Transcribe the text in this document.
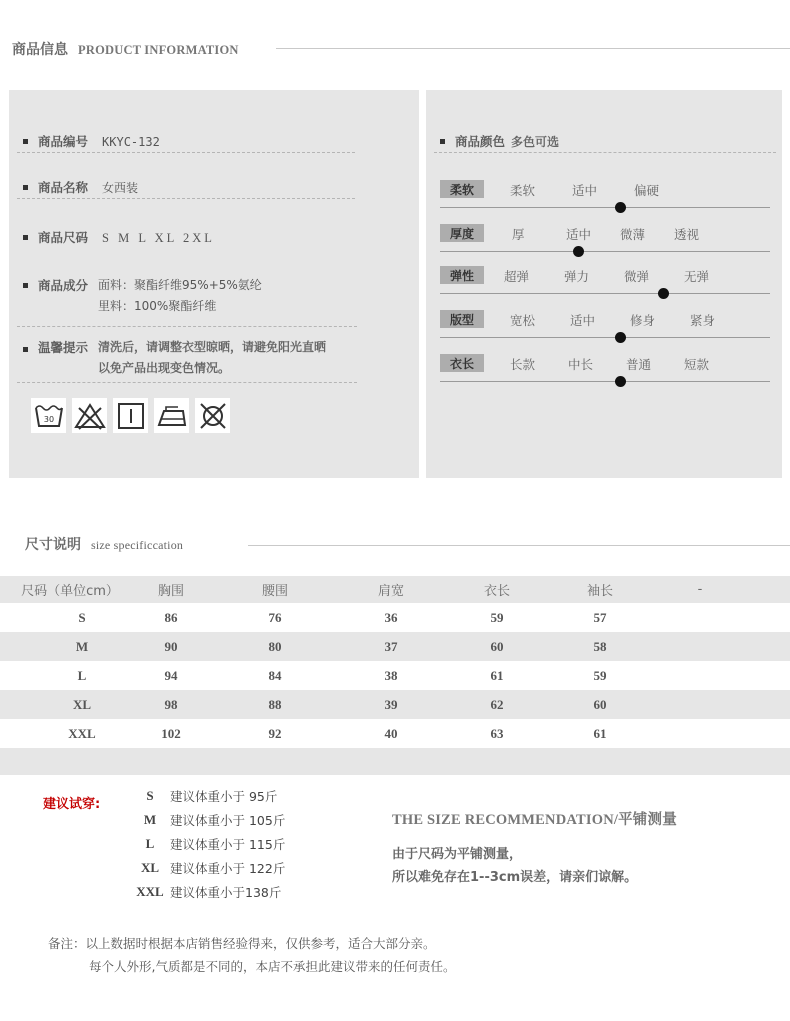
商品信息 PRODUCT INFORMATION
商品编号 KKYC-132
商品名称 女西装
商品尺码 S M L XL 2XL
商品成分 面料：聚酯纤维95%+5%氨纶
里料：100%聚酯纤维
温馨提示 清洗后，请调整衣型晾晒，请避免阳光直晒
以免产品出现变色情况。
30
商品颜色 多色可选
柔软	柔软	适中	偏硬
厚度	厚	适中 微薄 透视
弹性	超弹	弹力	微弹	无弹
版型	宽松	适中	修身	紧身
衣长	长款	中长	普通	短款
尺寸说明 size specificcation
尺码（单位cm）	胸围	腰围	肩宽	衣长	袖长	-
S	86	76	36	59	57
M	90	80	37	60	58
L	94	84	38	61	59
XL	98	88	39	62	60
XXL	102	92	40	63	61
建议试穿:
S	建议体重小于 95斤
M	建议体重小于 105斤
L	建议体重小于 115斤
XL 建议体重小于 122斤
XXL 建议体重小于138斤
THE SIZE RECOMMENDATION/平铺测量
由于尺码为平铺测量，
所以难免存在1--3cm误差，请亲们谅解。
备注：以上数据时根据本店销售经验得来，仅供参考，适合大部分亲。
每个人外形,气质都是不同的，本店不承担此建议带来的任何责任。
